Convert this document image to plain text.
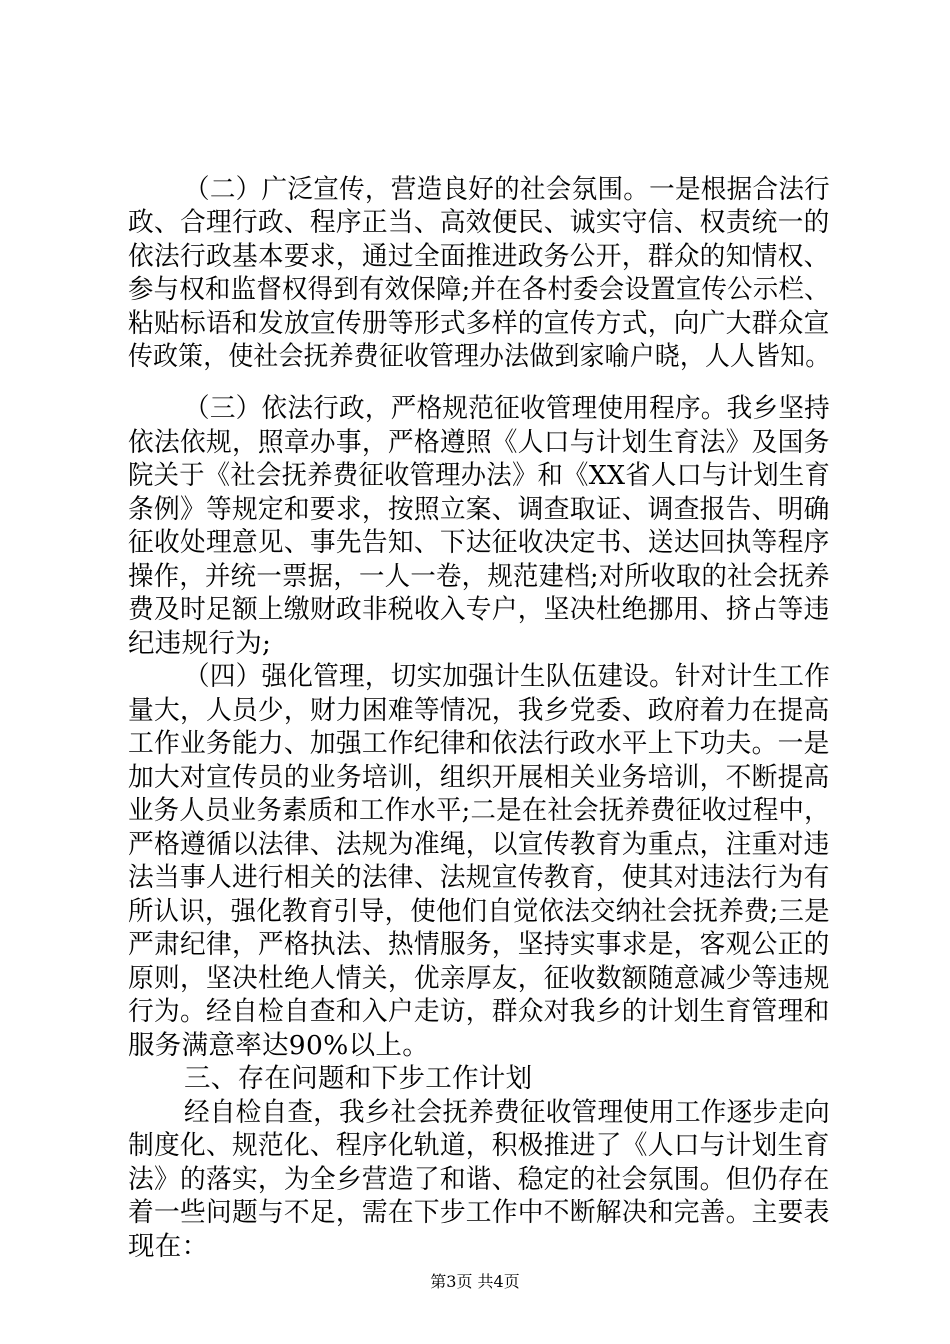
（二）广泛宣传，营造良好的社会氛围。一是根据合法行
政、合理行政、程序正当、高效便民、诚实守信、权责统一的
依法行政基本要求，通过全面推进政务公开，群众的知情权、
参与权和监督权得到有效保障;并在各村委会设置宣传公示栏、
粘贴标语和发放宣传册等形式多样的宣传方式，向广大群众宣
传政策，使社会抚养费征收管理办法做到家喻户晓，人人皆知。
（三）依法行政，严格规范征收管理使用程序。我乡坚持
依法依规，照章办事，严格遵照《人口与计划生育法》及国务
院关于《社会抚养费征收管理办法》和《XX省人口与计划生育
条例》等规定和要求，按照立案、调查取证、调查报告、明确
征收处理意见、事先告知、下达征收决定书、送达回执等程序
操作，并统一票据，一人一卷，规范建档;对所收取的社会抚养
费及时足额上缴财政非税收入专户，坚决杜绝挪用、挤占等违
纪违规行为;
（四）强化管理，切实加强计生队伍建设。针对计生工作
量大，人员少，财力困难等情况，我乡党委、政府着力在提高
工作业务能力、加强工作纪律和依法行政水平上下功夫。一是
加大对宣传员的业务培训，组织开展相关业务培训，不断提高
业务人员业务素质和工作水平;二是在社会抚养费征收过程中，
严格遵循以法律、法规为准绳，以宣传教育为重点，注重对违
法当事人进行相关的法律、法规宣传教育，使其对违法行为有
所认识，强化教育引导，使他们自觉依法交纳社会抚养费;三是
严肃纪律，严格执法、热情服务，坚持实事求是，客观公正的
原则，坚决杜绝人情关，优亲厚友，征收数额随意减少等违规
行为。经自检自查和入户走访，群众对我乡的计划生育管理和
服务满意率达90%以上。
三、存在问题和下步工作计划
经自检自查，我乡社会抚养费征收管理使用工作逐步走向
制度化、规范化、程序化轨道，积极推进了《人口与计划生育
法》的落实，为全乡营造了和谐、稳定的社会氛围。但仍存在
着一些问题与不足，需在下步工作中不断解决和完善。主要表
现在：
第3页 共4页
